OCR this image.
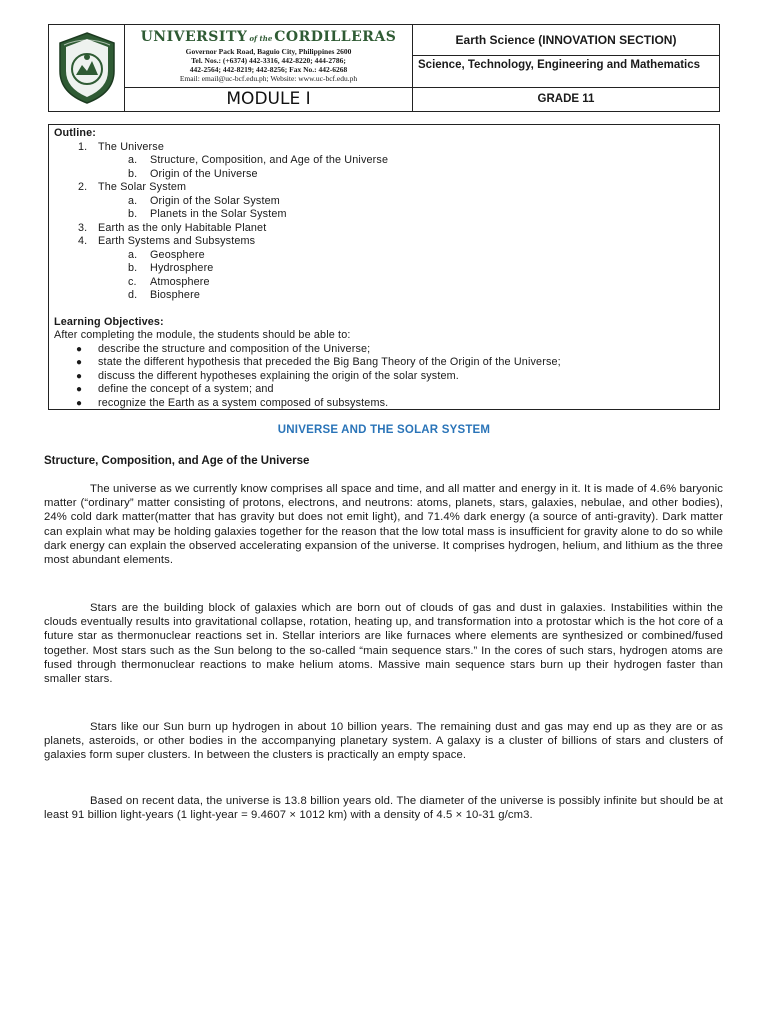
UNIVERSITY of the CORDILLERAS
Governor Pack Road, Baguio City, Philippines 2600
Tel. Nos.: (+6374) 442-3316, 442-8220; 444-2786;
442-2564; 442-8219; 442-8256; Fax No.: 442-6268
Email: email@uc-bcf.edu.ph; Website: www.uc-bcf.edu.ph
MODULE I
Earth Science (INNOVATION SECTION)
Science, Technology, Engineering and Mathematics
GRADE 11
Outline:
1. The Universe
a. Structure, Composition, and Age of the Universe
b. Origin of the Universe
2. The Solar System
a. Origin of the Solar System
b. Planets in the Solar System
3. Earth as the only Habitable Planet
4. Earth Systems and Subsystems
a. Geosphere
b. Hydrosphere
c. Atmosphere
d. Biosphere
Learning Objectives:
After completing the module, the students should be able to:
● describe the structure and composition of the Universe;
● state the different hypothesis that preceded the Big Bang Theory of the Origin of the Universe;
● discuss the different hypotheses explaining the origin of the solar system.
● define the concept of a system; and
● recognize the Earth as a system composed of subsystems.
UNIVERSE AND THE SOLAR SYSTEM
Structure, Composition, and Age of the Universe

The universe as we currently know comprises all space and time, and all matter and energy in it. It is made of 4.6% baryonic matter (“ordinary” matter consisting of protons, electrons, and neutrons: atoms, planets, stars, galaxies, nebulae, and other bodies), 24% cold dark matter(matter that has gravity but does not emit light), and 71.4% dark energy (a source of anti-gravity). Dark matter can explain what may be holding galaxies together for the reason that the low total mass is insufficient for gravity alone to do so while dark energy can explain the observed accelerating expansion of the universe. It comprises hydrogen, helium, and lithium as the three most abundant elements.

Stars are the building block of galaxies which are born out of clouds of gas and dust in galaxies. Instabilities within the clouds eventually results into gravitational collapse, rotation, heating up, and transformation into a protostar which is the hot core of a future star as thermonuclear reactions set in. Stellar interiors are like furnaces where elements are synthesized or combined/fused together. Most stars such as the Sun belong to the so-called “main sequence stars.” In the cores of such stars, hydrogen atoms are fused through thermonuclear reactions to make helium atoms. Massive main sequence stars burn up their hydrogen faster than smaller stars.

Stars like our Sun burn up hydrogen in about 10 billion years. The remaining dust and gas may end up as they are or as planets, asteroids, or other bodies in the accompanying planetary system. A galaxy is a cluster of billions of stars and clusters of galaxies form super clusters. In between the clusters is practically an empty space.

Based on recent data, the universe is 13.8 billion years old. The diameter of the universe is possibly infinite but should be at least 91 billion light-years (1 light-year = 9.4607 × 1012 km) with a density of 4.5 × 10-31 g/cm3.
